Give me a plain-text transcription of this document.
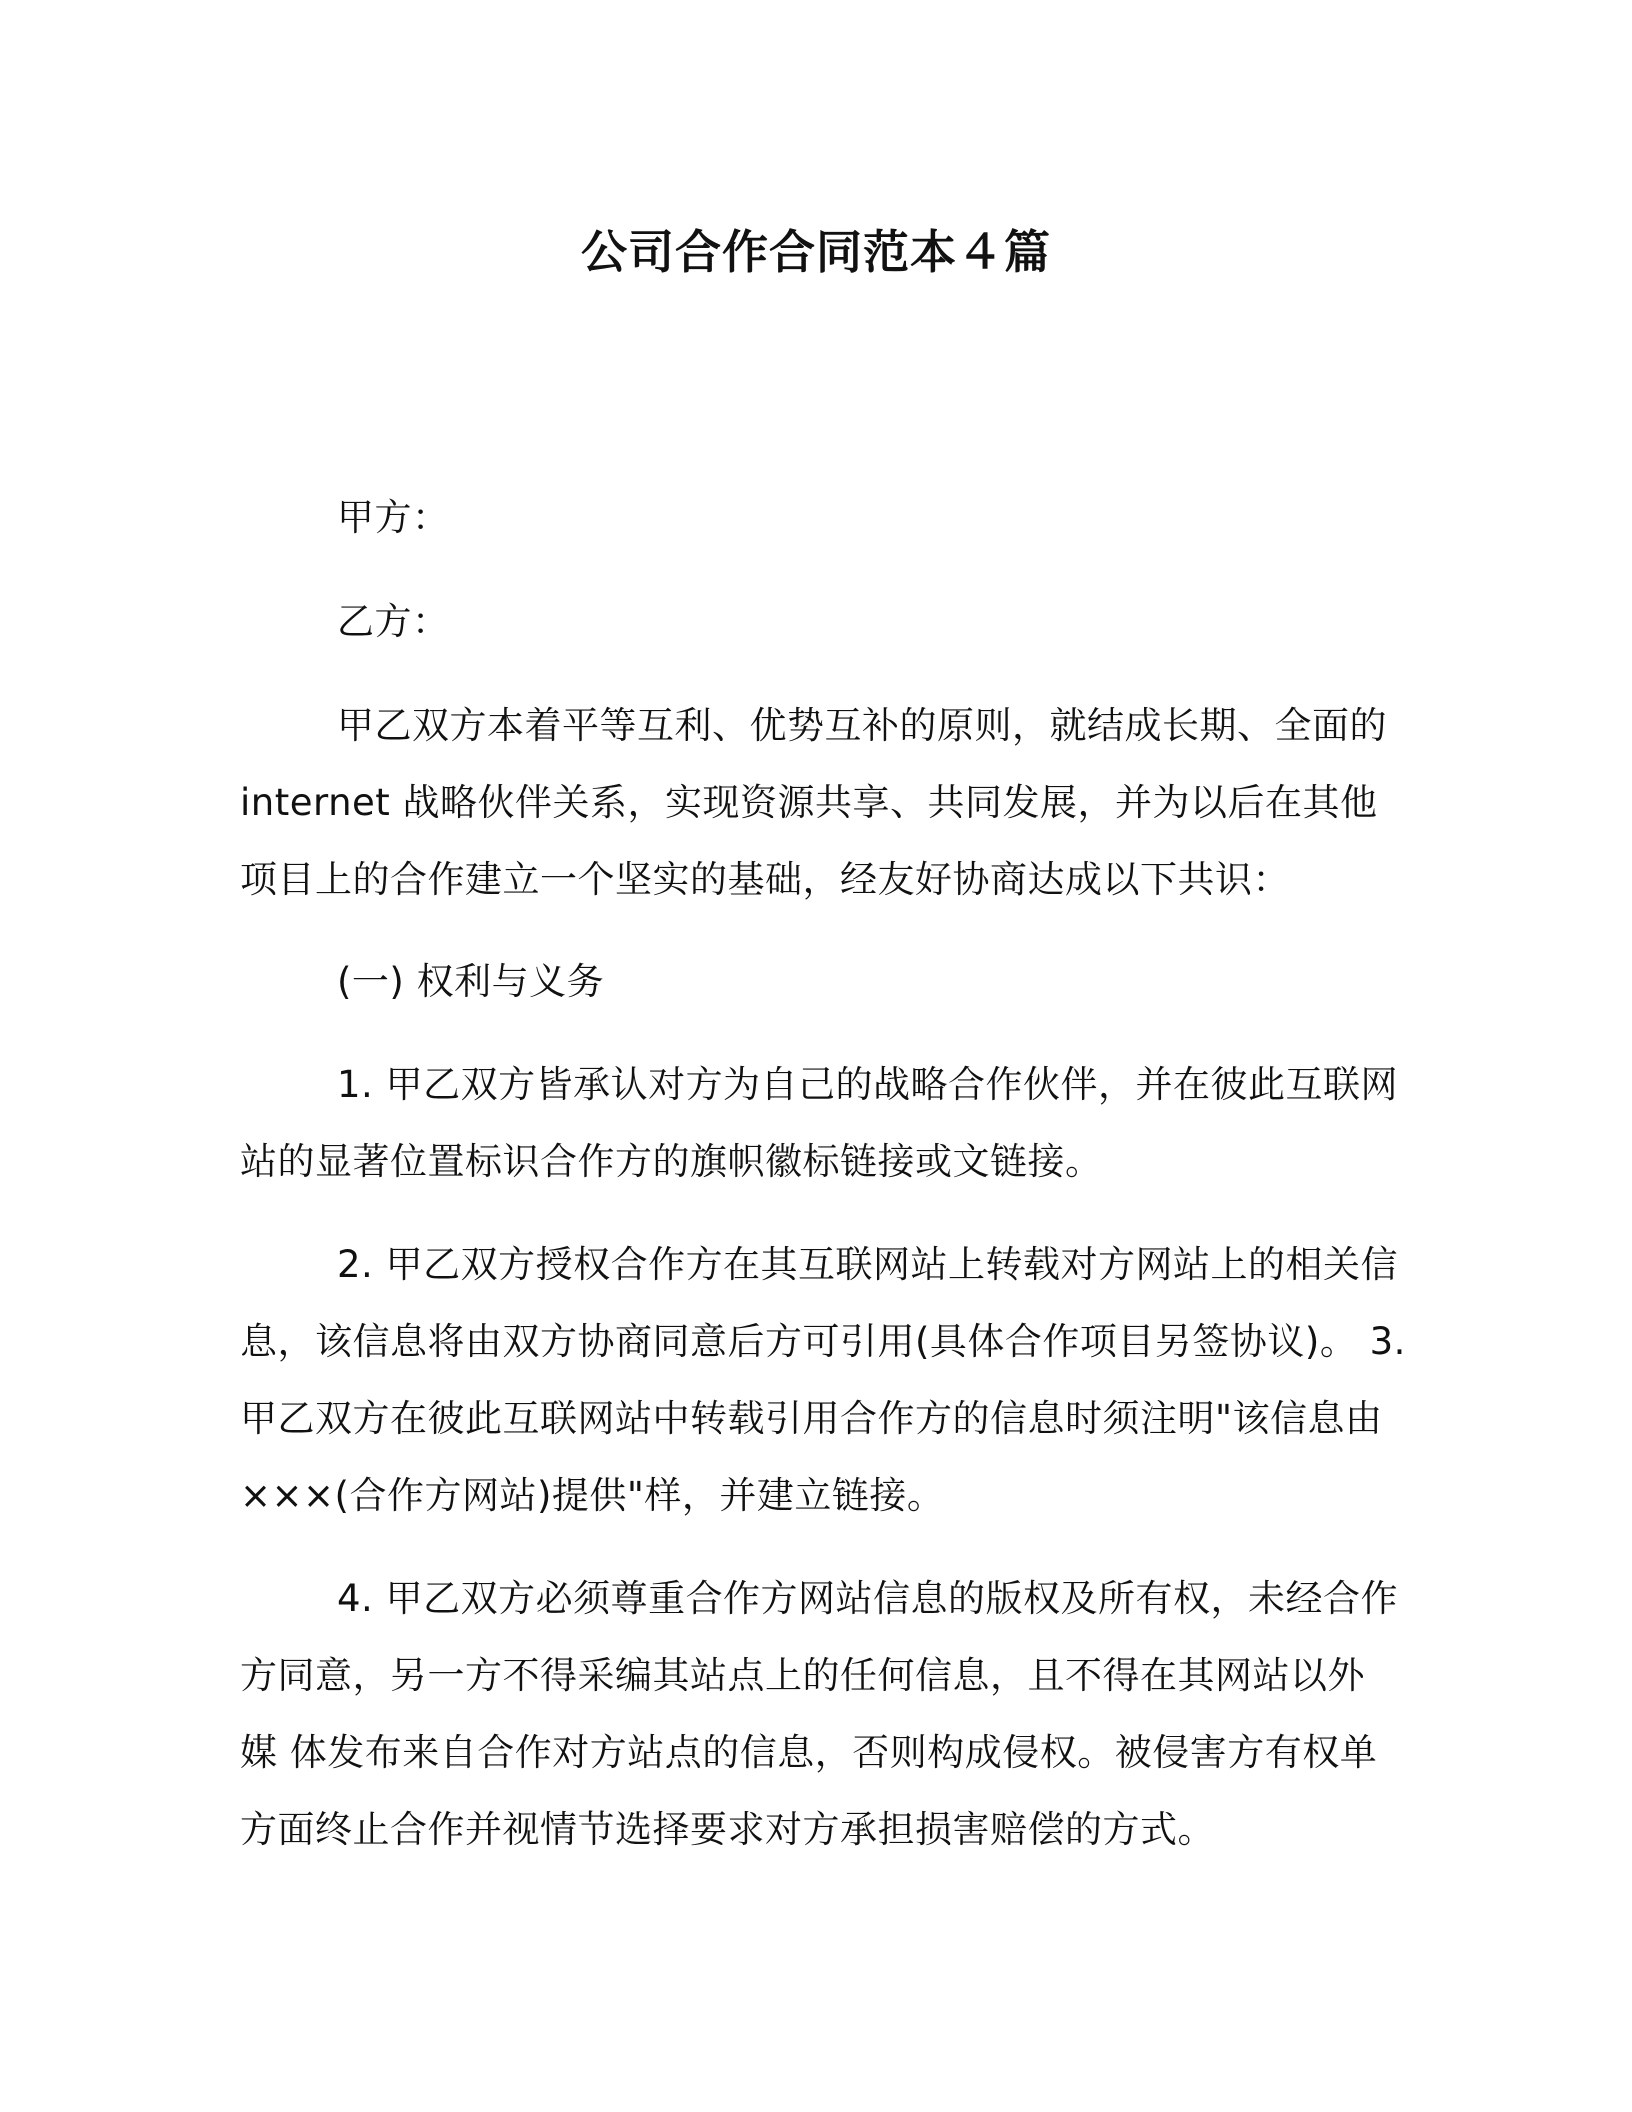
公司合作合同范本４篇
甲方：
乙方：
甲乙双方本着平等互利、优势互补的原则，就结成长期、全面的
internet 战略伙伴关系，实现资源共享、共同发展，并为以后在其他
项目上的合作建立一个坚实的基础，经友好协商达成以下共识：
(一) 权利与义务
1. 甲乙双方皆承认对方为自己的战略合作伙伴，并在彼此互联网
站的显著位置标识合作方的旗帜徽标链接或文链接。
2. 甲乙双方授权合作方在其互联网站上转载对方网站上的相关信
息，该信息将由双方协商同意后方可引用(具体合作项目另签协议)。 3.
甲乙双方在彼此互联网站中转载引用合作方的信息时须注明"该信息由
×××(合作方网站)提供"样，并建立链接。
4. 甲乙双方必须尊重合作方网站信息的版权及所有权，未经合作
方同意，另一方不得采编其站点上的任何信息，且不得在其网站以外
媒 体发布来自合作对方站点的信息，否则构成侵权。被侵害方有权单
方面终止合作并视情节选择要求对方承担损害赔偿的方式。
